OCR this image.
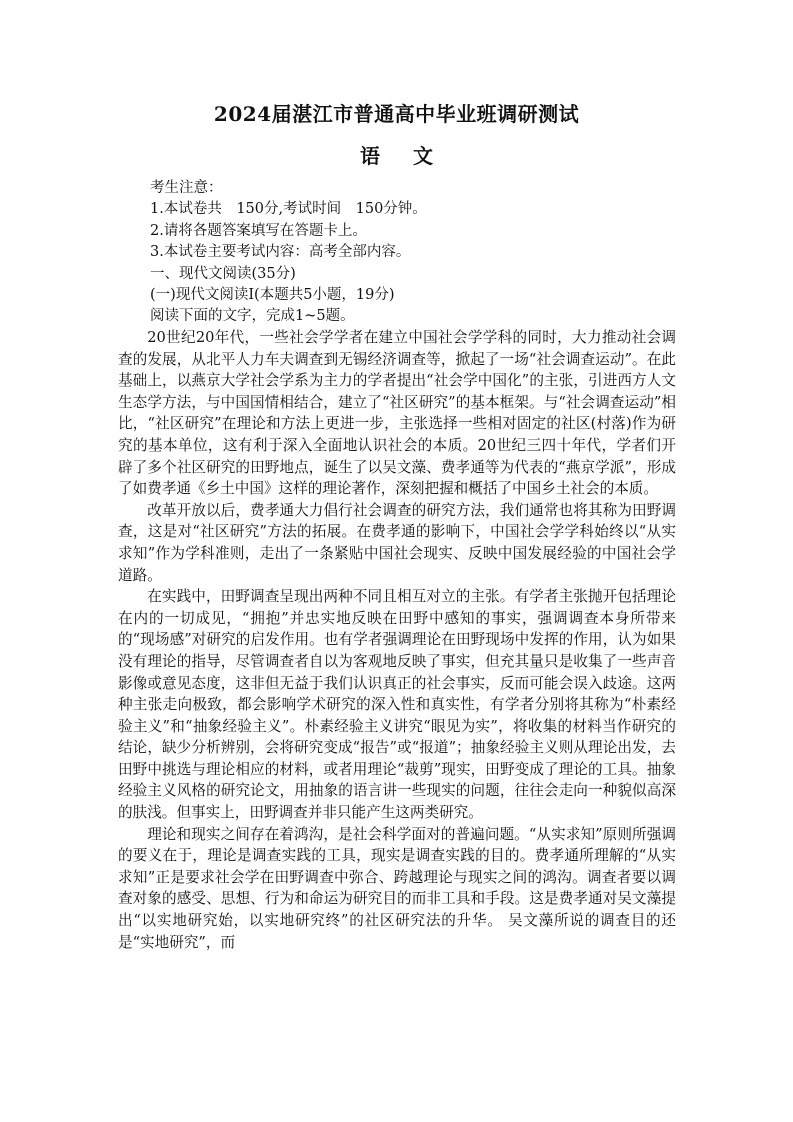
2024届湛江市普通高中毕业班调研测试
语 文
考生注意：
1.本试卷共　150分,考试时间　150分钟。
2.请将各题答案填写在答题卡上。
3.本试卷主要考试内容：高考全部内容。
一、现代文阅读(35分)
(一)现代文阅读Ⅰ(本题共5小题，19分)
阅读下面的文字，完成1~5题。

20世纪20年代，一些社会学学者在建立中国社会学学科的同时，大力推动社会调查的发展，从北平人力车夫调查到无锡经济调查等，掀起了一场“社会调查运动”。在此基础上，以燕京大学社会学系为主力的学者提出“社会学中国化”的主张，引进西方人文生态学方法，与中国国情相结合，建立了“社区研究”的基本框架。与“社会调查运动”相比，“社区研究”在理论和方法上更进一步，主张选择一些相对固定的社区(村落)作为研究的基本单位，这有利于深入全面地认识社会的本质。20世纪三四十年代，学者们开辟了多个社区研究的田野地点，诞生了以吴文藻、费孝通等为代表的“燕京学派”，形成了如费孝通《乡土中国》这样的理论著作，深刻把握和概括了中国乡土社会的本质。

改革开放以后，费孝通大力倡行社会调查的研究方法，我们通常也将其称为田野调查，这是对“社区研究”方法的拓展。在费孝通的影响下，中国社会学学科始终以“从实求知”作为学科准则，走出了一条紧贴中国社会现实、反映中国发展经验的中国社会学道路。

在实践中，田野调查呈现出两种不同且相互对立的主张。有学者主张抛开包括理论在内的一切成见，“拥抱”并忠实地反映在田野中感知的事实，强调调查本身所带来的“现场感”对研究的启发作用。也有学者强调理论在田野现场中发挥的作用，认为如果没有理论的指导，尽管调查者自以为客观地反映了事实，但充其量只是收集了一些声音影像或意见态度，这非但无益于我们认识真正的社会事实，反而可能会误入歧途。这两种主张走向极致，都会影响学术研究的深入性和真实性，有学者分别将其称为“朴素经验主义”和“抽象经验主义”。朴素经验主义讲究“眼见为实”，将收集的材料当作研究的结论，缺少分析辨别，会将研究变成“报告”或“报道”；抽象经验主义则从理论出发，去田野中挑选与理论相应的材料，或者用理论“裁剪”现实，田野变成了理论的工具。抽象经验主义风格的研究论文，用抽象的语言讲一些现实的问题，往往会走向一种貌似高深的肤浅。但事实上，田野调查并非只能产生这两类研究。

理论和现实之间存在着鸿沟，是社会科学面对的普遍问题。“从实求知”原则所强调的要义在于，理论是调查实践的工具，现实是调查实践的目的。费孝通所理解的“从实求知”正是要求社会学在田野调查中弥合、跨越理论与现实之间的鸿沟。调查者要以调查对象的感受、思想、行为和命运为研究目的而非工具和手段。这是费孝通对吴文藻提出“以实地研究始，以实地研究终”的社区研究法的升华。 吴文藻所说的调查目的还是“实地研究”，而
